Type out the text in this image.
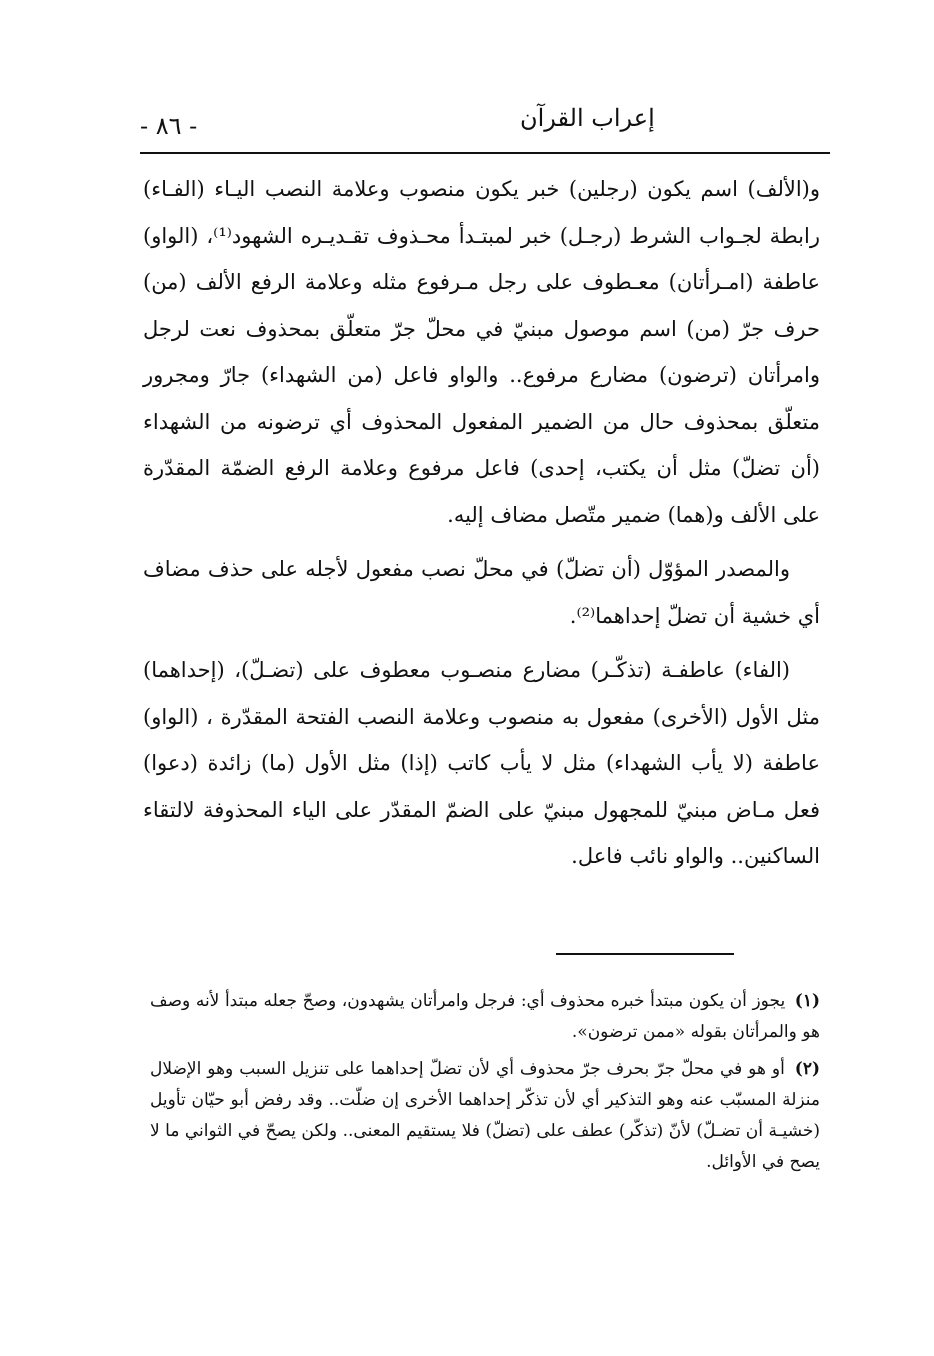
- ٨٦ -	إعراب القرآن

و(الألف) اسم يكون (رجلين) خبر يكون منصوب وعلامة النصب اليـاء (الفـاء) رابطة لجـواب الشرط (رجـل) خبر لمبتـدأ محـذوف تقـديـره الشهود⁽¹⁾، (الواو) عاطفة (امـرأتان) معـطوف على رجل مـرفوع مثله وعلامة الرفع الألف (من) حرف جرّ (من) اسم موصول مبنيّ في محلّ جرّ متعلّق بمحذوف نعت لرجل وامرأتان (ترضون) مضارع مرفوع.. والواو فاعل (من الشهداء) جارّ ومجرور متعلّق بمحذوف حال من الضمير المفعول المحذوف أي ترضونه من الشهداء (أن تضلّ) مثل أن يكتب، إحدى) فاعل مرفوع وعلامة الرفع الضمّة المقدّرة على الألف و(هما) ضمير متّصل مضاف إليه.

والمصدر المؤوّل (أن تضلّ) في محلّ نصب مفعول لأجله على حذف مضاف أي خشية أن تضلّ إحداهما⁽²⁾.

(الفاء) عاطفـة (تذكّـر) مضارع منصـوب معطوف على (تضـلّ)، (إحداهما) مثل الأول (الأخرى) مفعول به منصوب وعلامة النصب الفتحة المقدّرة ، (الواو) عاطفة (لا يأب الشهداء) مثل لا يأب كاتب (إذا) مثل الأول (ما) زائدة (دعوا) فعل مـاض مبنيّ للمجهول مبنيّ على الضمّ المقدّر على الياء المحذوفة لالتقاء الساكنين.. والواو نائب فاعل.

(١) يجوز أن يكون مبتدأ خبره محذوف أي: فرجل وامرأتان يشهدون، وصحّ جعله مبتدأ لأنه وصف هو والمرأتان بقوله «ممن ترضون».

(٢) أو هو في محلّ جرّ بحرف جرّ محذوف أي لأن تضلّ إحداهما على تنزيل السبب وهو الإضلال منزلة المسبّب عنه وهو التذكير أي لأن تذكّر إحداهما الأخرى إن ضلّت.. وقد رفض أبو حيّان تأويل (خشيـة أن تضـلّ) لأنّ (تذكّر) عطف على (تضلّ) فلا يستقيم المعنى.. ولكن يصحّ في الثواني ما لا يصح في الأوائل.
